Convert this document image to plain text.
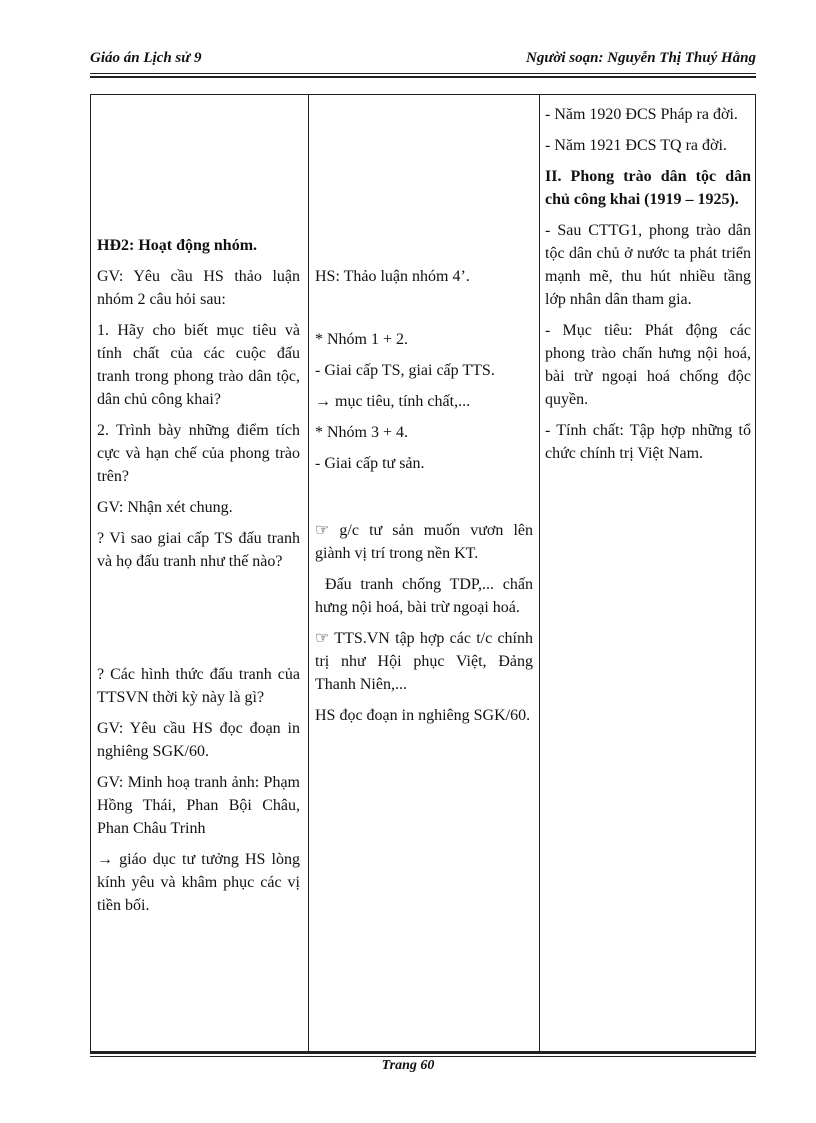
Giáo án Lịch sử 9	Người soạn: Nguyễn Thị Thuý Hằng

HĐ2: Hoạt động nhóm.

GV: Yêu cầu HS thảo luận nhóm 2 câu hỏi sau:

1. Hãy cho biết mục tiêu và tính chất của các cuộc đấu tranh trong phong trào dân tộc, dân chủ công khai?

2. Trình bày những điểm tích cực và hạn chế của phong trào trên?

GV: Nhận xét chung.

? Vì sao giai cấp TS đấu tranh và họ đấu tranh như thế nào?

? Các hình thức đấu tranh của TTSVN thời kỳ này là gì?

GV: Yêu cầu HS đọc đoạn in nghiêng SGK/60.

GV: Minh hoạ tranh ảnh: Phạm Hồng Thái, Phan Bội Châu, Phan Châu Trinh

→ giáo dục tư tưởng HS lòng kính yêu và khâm phục các vị tiền bối.

HS: Thảo luận nhóm 4’.

* Nhóm 1 + 2.

- Giai cấp TS, giai cấp TTS.

→ mục tiêu, tính chất,...

* Nhóm 3 + 4.

- Giai cấp tư sản.

☞ g/c tư sản muốn vươn lên giành vị trí trong nền KT.

Đấu tranh chống TDP,... chấn hưng nội hoá, bài trừ ngoại hoá.

☞ TTS.VN tập hợp các t/c chính trị như Hội phục Việt, Đảng Thanh Niên,...

HS đọc đoạn in nghiêng SGK/60.

- Năm 1920 ĐCS Pháp ra đời.

- Năm 1921 ĐCS TQ ra đời.

II. Phong trào dân tộc dân chủ công khai (1919 – 1925).

- Sau CTTG1, phong trào dân tộc dân chủ ở nước ta phát triển mạnh mẽ, thu hút nhiều tầng lớp nhân dân tham gia.

- Mục tiêu: Phát động các phong trào chấn hưng nội hoá, bài trừ ngoại hoá chống độc quyền.

- Tính chất: Tập hợp những tổ chức chính trị Việt Nam.

Trang 60
